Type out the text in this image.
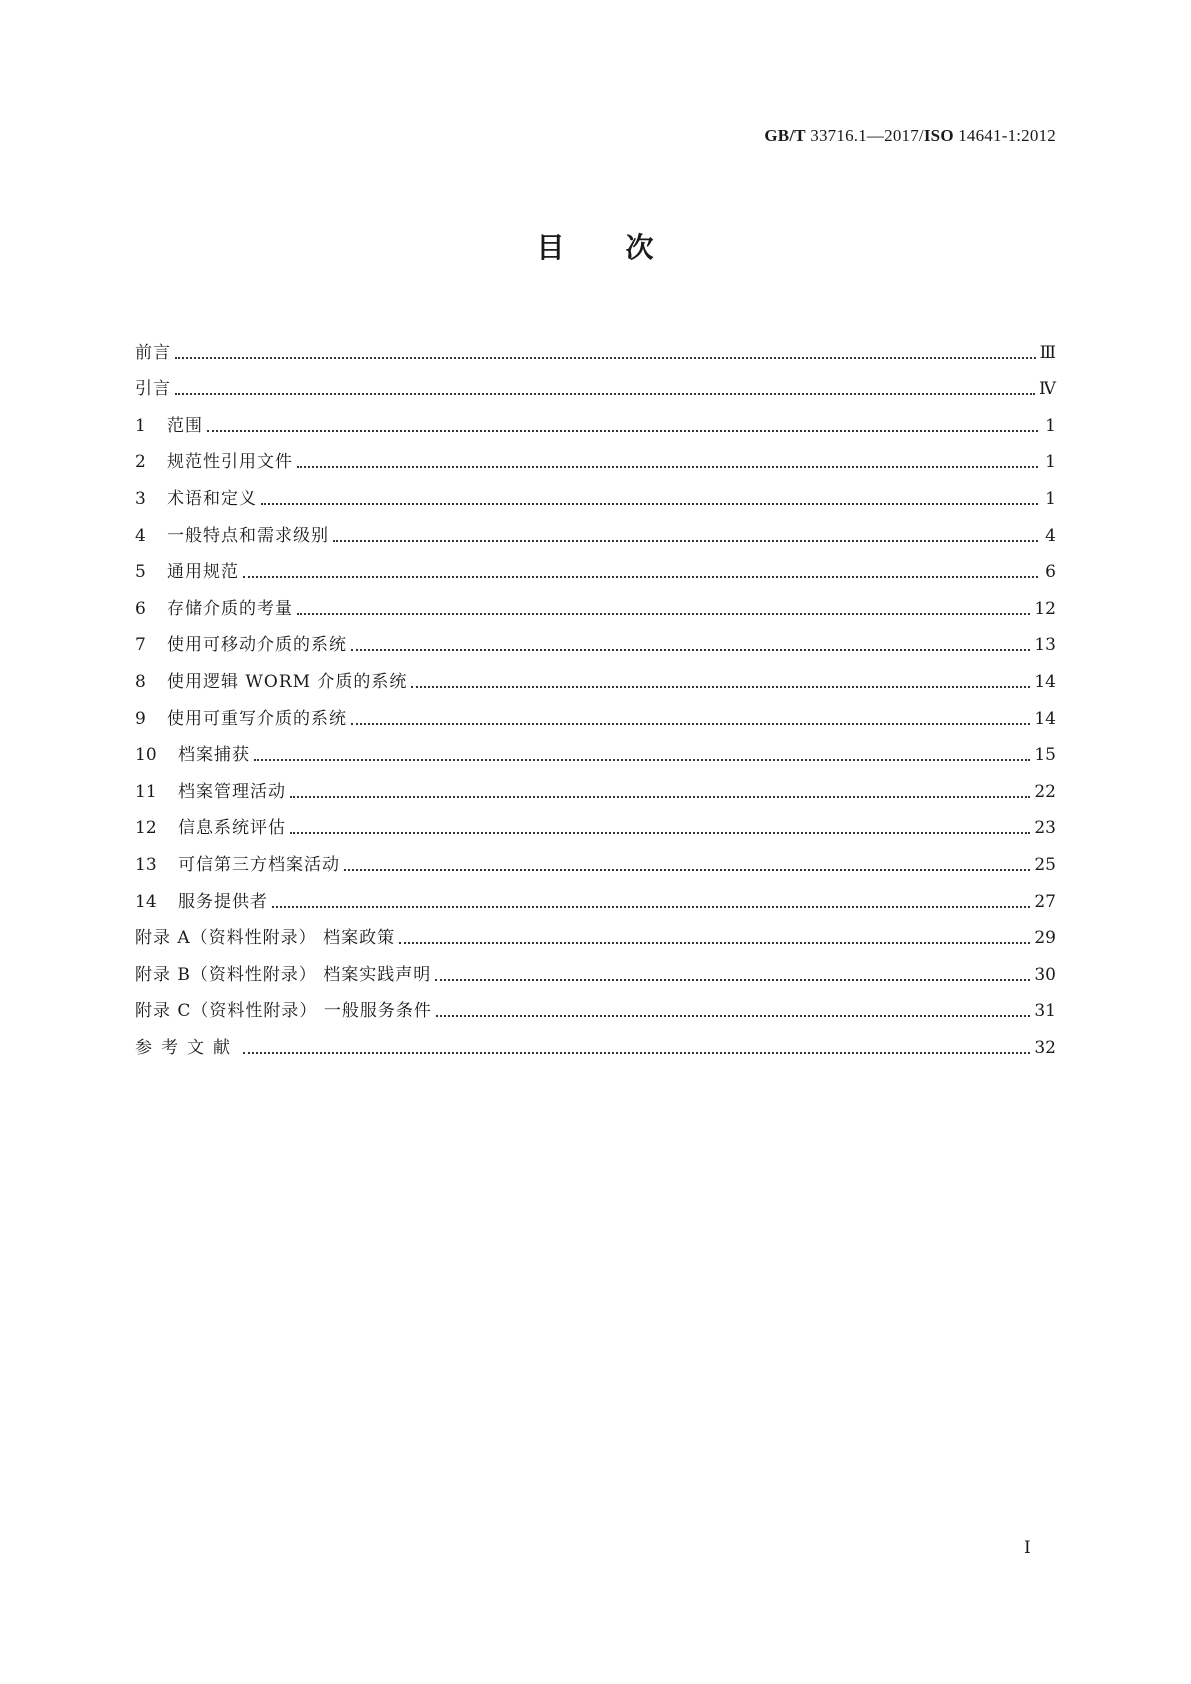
GB/T 33716.1—2017/ISO 14641-1:2012
目 次
前言	Ⅲ
引言	Ⅳ
1	范围	1
2	规范性引用文件	1
3	术语和定义	1
4	一般特点和需求级别	4
5	通用规范	6
6	存储介质的考量	12
7	使用可移动介质的系统	13
8	使用逻辑 WORM 介质的系统	14
9	使用可重写介质的系统	14
10	档案捕获	15
11	档案管理活动	22
12	信息系统评估	23
13	可信第三方档案活动	25
14	服务提供者	27
附录 A（资料性附录） 档案政策	29
附录 B（资料性附录） 档案实践声明	30
附录 C（资料性附录） 一般服务条件	31
参考文献	32
I
